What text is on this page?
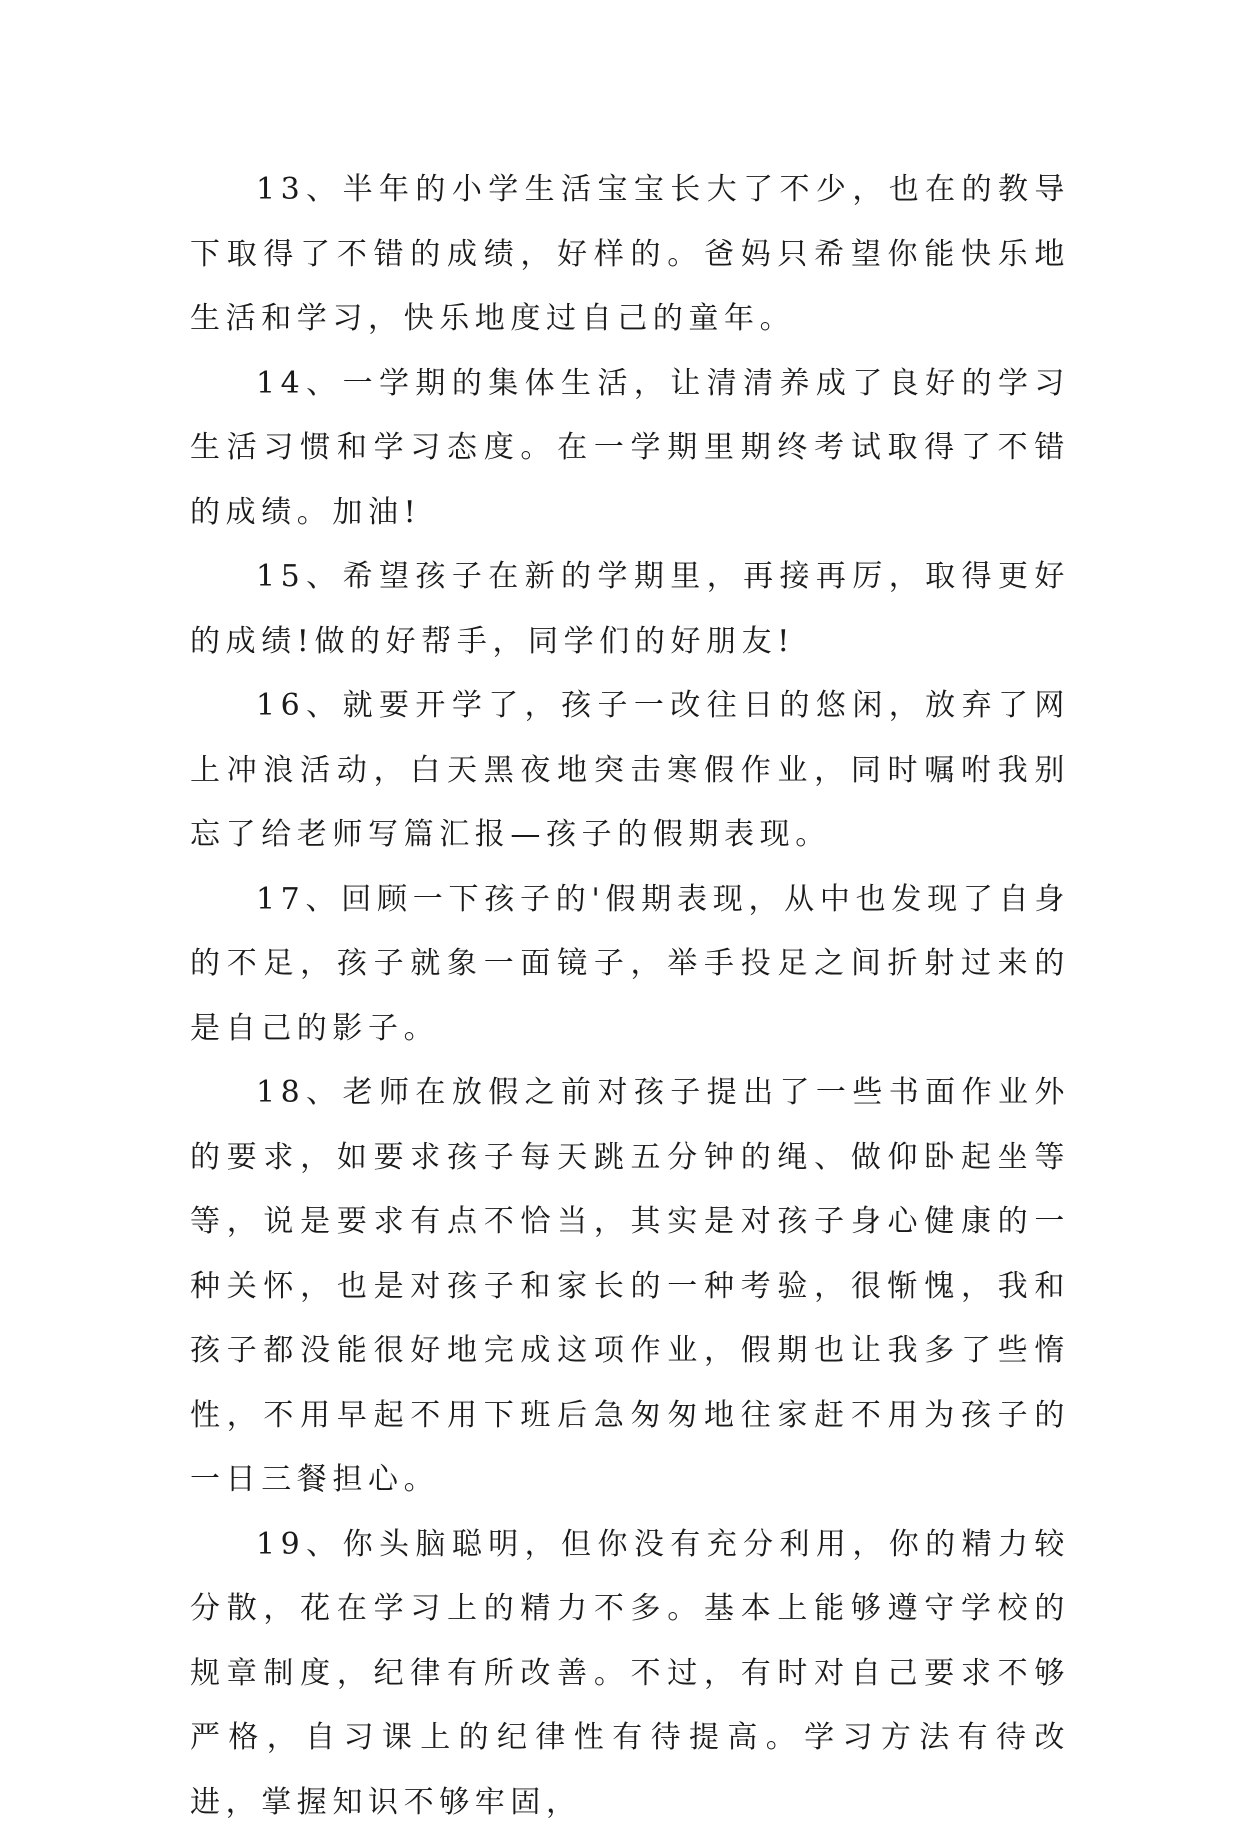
13、半年的小学生活宝宝长大了不少，也在的教导下取得了不错的成绩，好样的。爸妈只希望你能快乐地生活和学习，快乐地度过自己的童年。

14、一学期的集体生活，让清清养成了良好的学习生活习惯和学习态度。在一学期里期终考试取得了不错的成绩。加油!

15、希望孩子在新的学期里，再接再厉，取得更好的成绩!做的好帮手，同学们的好朋友!

16、就要开学了，孩子一改往日的悠闲，放弃了网上冲浪活动，白天黑夜地突击寒假作业，同时嘱咐我别忘了给老师写篇汇报—孩子的假期表现。

17、回顾一下孩子的'假期表现，从中也发现了自身的不足，孩子就象一面镜子，举手投足之间折射过来的是自己的影子。

18、老师在放假之前对孩子提出了一些书面作业外的要求，如要求孩子每天跳五分钟的绳、做仰卧起坐等等，说是要求有点不恰当，其实是对孩子身心健康的一种关怀，也是对孩子和家长的一种考验，很惭愧，我和孩子都没能很好地完成这项作业，假期也让我多了些惰性，不用早起不用下班后急匆匆地往家赶不用为孩子的一日三餐担心。

19、你头脑聪明，但你没有充分利用，你的精力较分散，花在学习上的精力不多。基本上能够遵守学校的规章制度，纪律有所改善。不过，有时对自己要求不够严格，自习课上的纪律性有待提高。学习方法有待改进，掌握知识不够牢固，
